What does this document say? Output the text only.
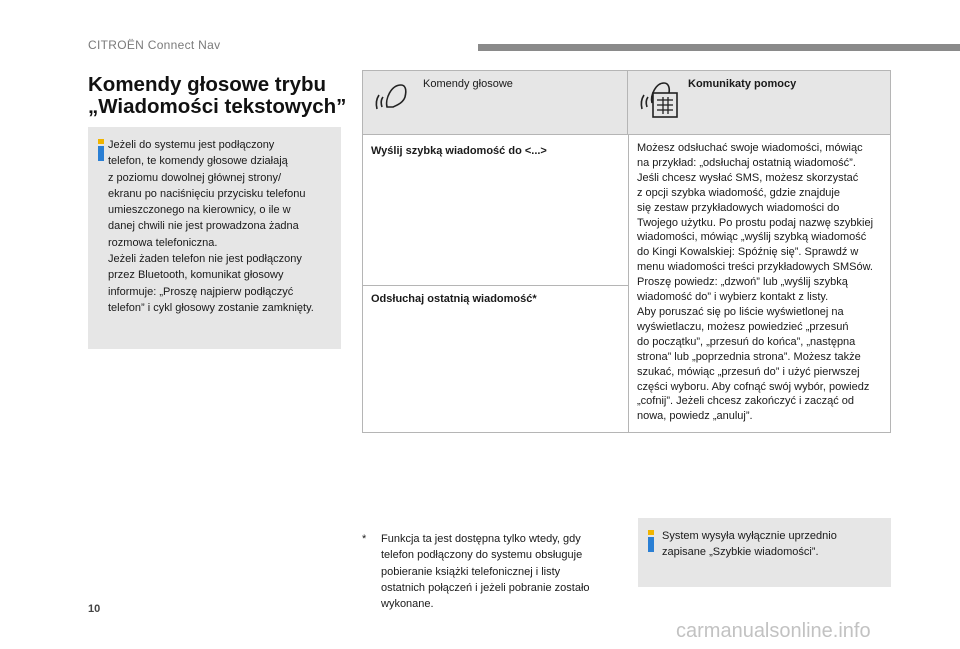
CITROËN Connect Nav
Komendy głosowe trybu „Wiadomości tekstowych”
Jeżeli do systemu jest podłączony
telefon, te komendy głosowe działają
z poziomu dowolnej głównej strony/
ekranu po naciśnięciu przycisku telefonu
umieszczonego na kierownicy, o ile w
danej chwili nie jest prowadzona żadna
rozmowa telefoniczna.
Jeżeli żaden telefon nie jest podłączony
przez Bluetooth, komunikat głosowy
informuje: „Proszę najpierw podłączyć
telefon” i cykl głosowy zostanie zamknięty.
Komendy głosowe	Komunikaty pomocy
Wyślij szybką wiadomość do <...>
Odsłuchaj ostatnią wiadomość*
Możesz odsłuchać swoje wiadomości, mówiąc
na przykład: „odsłuchaj ostatnią wiadomość”.
Jeśli chcesz wysłać SMS, możesz skorzystać
z opcji szybka wiadomość, gdzie znajduje
się zestaw przykładowych wiadomości do
Twojego użytku. Po prostu podaj nazwę szybkiej
wiadomości, mówiąc „wyślij szybką wiadomość
do Kingi Kowalskiej: Spóźnię się”. Sprawdź w
menu wiadomości treści przykładowych SMSów.
Proszę powiedz: „dzwoń” lub „wyślij szybką
wiadomość do” i wybierz kontakt z listy.
Aby poruszać się po liście wyświetlonej na
wyświetlaczu, możesz powiedzieć „przesuń
do początku”, „przesuń do końca”, „następna
strona” lub „poprzednia strona”. Możesz także
szukać, mówiąc „przesuń do” i użyć pierwszej
części wyboru. Aby cofnąć swój wybór, powiedz
„cofnij”. Jeżeli chcesz zakończyć i zacząć od
nowa, powiedz „anuluj”.
* Funkcja ta jest dostępna tylko wtedy, gdy
telefon podłączony do systemu obsługuje
pobieranie książki telefonicznej i listy
ostatnich połączeń i jeżeli pobranie zostało
wykonane.
System wysyła wyłącznie uprzednio
zapisane „Szybkie wiadomości”.
10
carmanualsonline.info
